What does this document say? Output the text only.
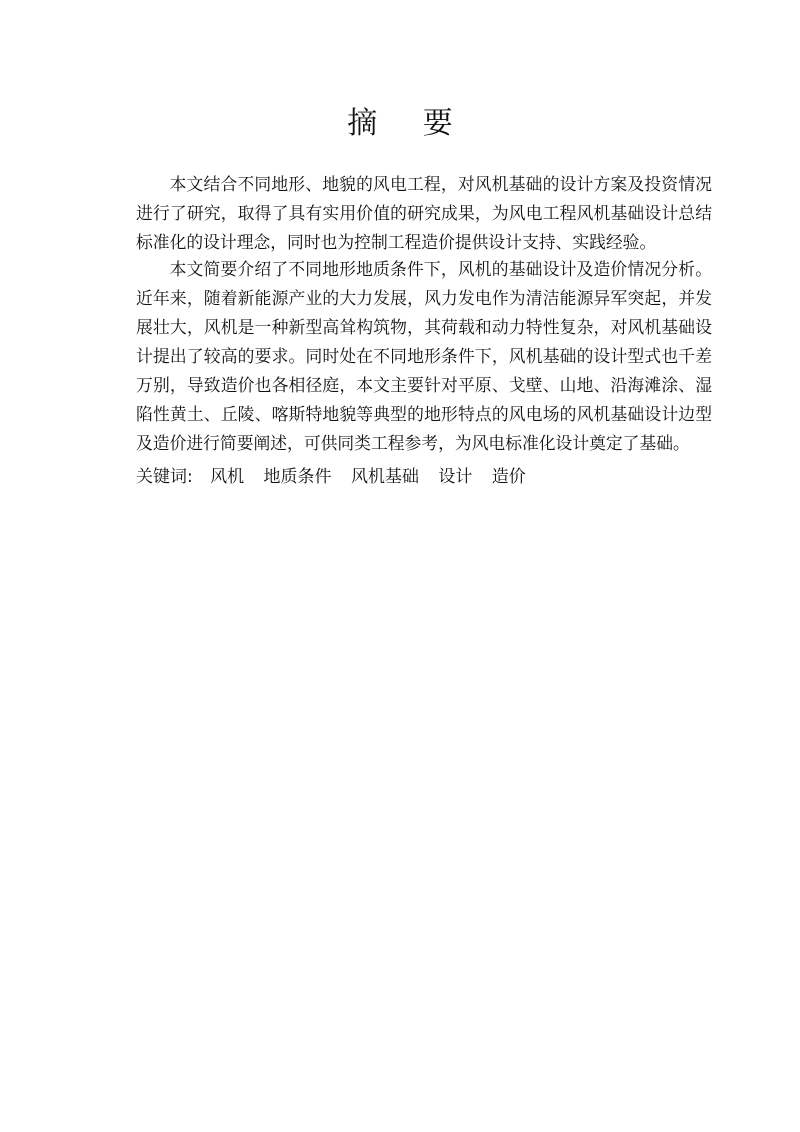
摘 要

本文结合不同地形、地貌的风电工程，对风机基础的设计方案及投资情况进行了研究，取得了具有实用价值的研究成果，为风电工程风机基础设计总结标准化的设计理念，同时也为控制工程造价提供设计支持、实践经验。

本文简要介绍了不同地形地质条件下，风机的基础设计及造价情况分析。近年来，随着新能源产业的大力发展，风力发电作为清洁能源异军突起，并发展壮大，风机是一种新型高耸构筑物，其荷载和动力特性复杂，对风机基础设计提出了较高的要求。同时处在不同地形条件下，风机基础的设计型式也千差万别，导致造价也各相径庭，本文主要针对平原、戈壁、山地、沿海滩涂、湿陷性黄土、丘陵、喀斯特地貌等典型的地形特点的风电场的风机基础设计边型及造价进行简要阐述，可供同类工程参考，为风电标准化设计奠定了基础。

关键词: 风机 地质条件 风机基础 设计 造价
